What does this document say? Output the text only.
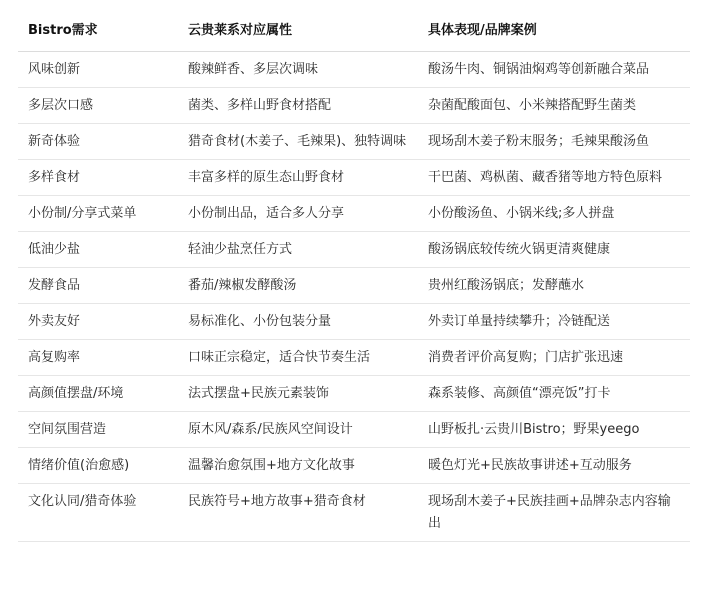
Bistro需求	云贵莱系对应属性	具体表现/品牌案例
风味创新	酸辣鲜香、多层次调味	酸汤牛肉、铜锅油焖鸡等创新融合菜品
多层次口感	菌类、多样山野食材搭配	杂菌配酸面包、小米辣搭配野生菌类
新奇体验	猎奇食材(木姜子、毛辣果)、独特调味	现场刮木姜子粉末服务；毛辣果酸汤鱼
多样食材	丰富多样的原生态山野食材	干巴菌、鸡枞菌、藏香猪等地方特色原料
小份制/分享式菜单	小份制出品，适合多人分享	小份酸汤鱼、小锅米线;多人拼盘
低油少盐	轻油少盐烹任方式	酸汤锅底较传统火锅更清爽健康
发酵食品	番茄/辣椒发酵酸汤	贵州红酸汤锅底；发酵蘸水
外卖友好	易标准化、小份包装分量	外卖订单量持续攀升；冷链配送
高复购率	口味正宗稳定，适合快节奏生活	消费者评价高复购；门店扩张迅速
高颜值摆盘/环境	法式摆盘+民族元素装饰	森系装修、高颜值“漂亮饭”打卡
空间氛围营造	原木风/森系/民族风空间设计	山野板扎·云贵川Bistro；野果yeego
情绪价值(治愈感)	温馨治愈氛围+地方文化故事	暖色灯光+民族故事讲述+互动服务
文化认同/猎奇体验	民族符号+地方故事+猎奇食材	现场刮木姜子+民族挂画+品牌杂志内容输出
